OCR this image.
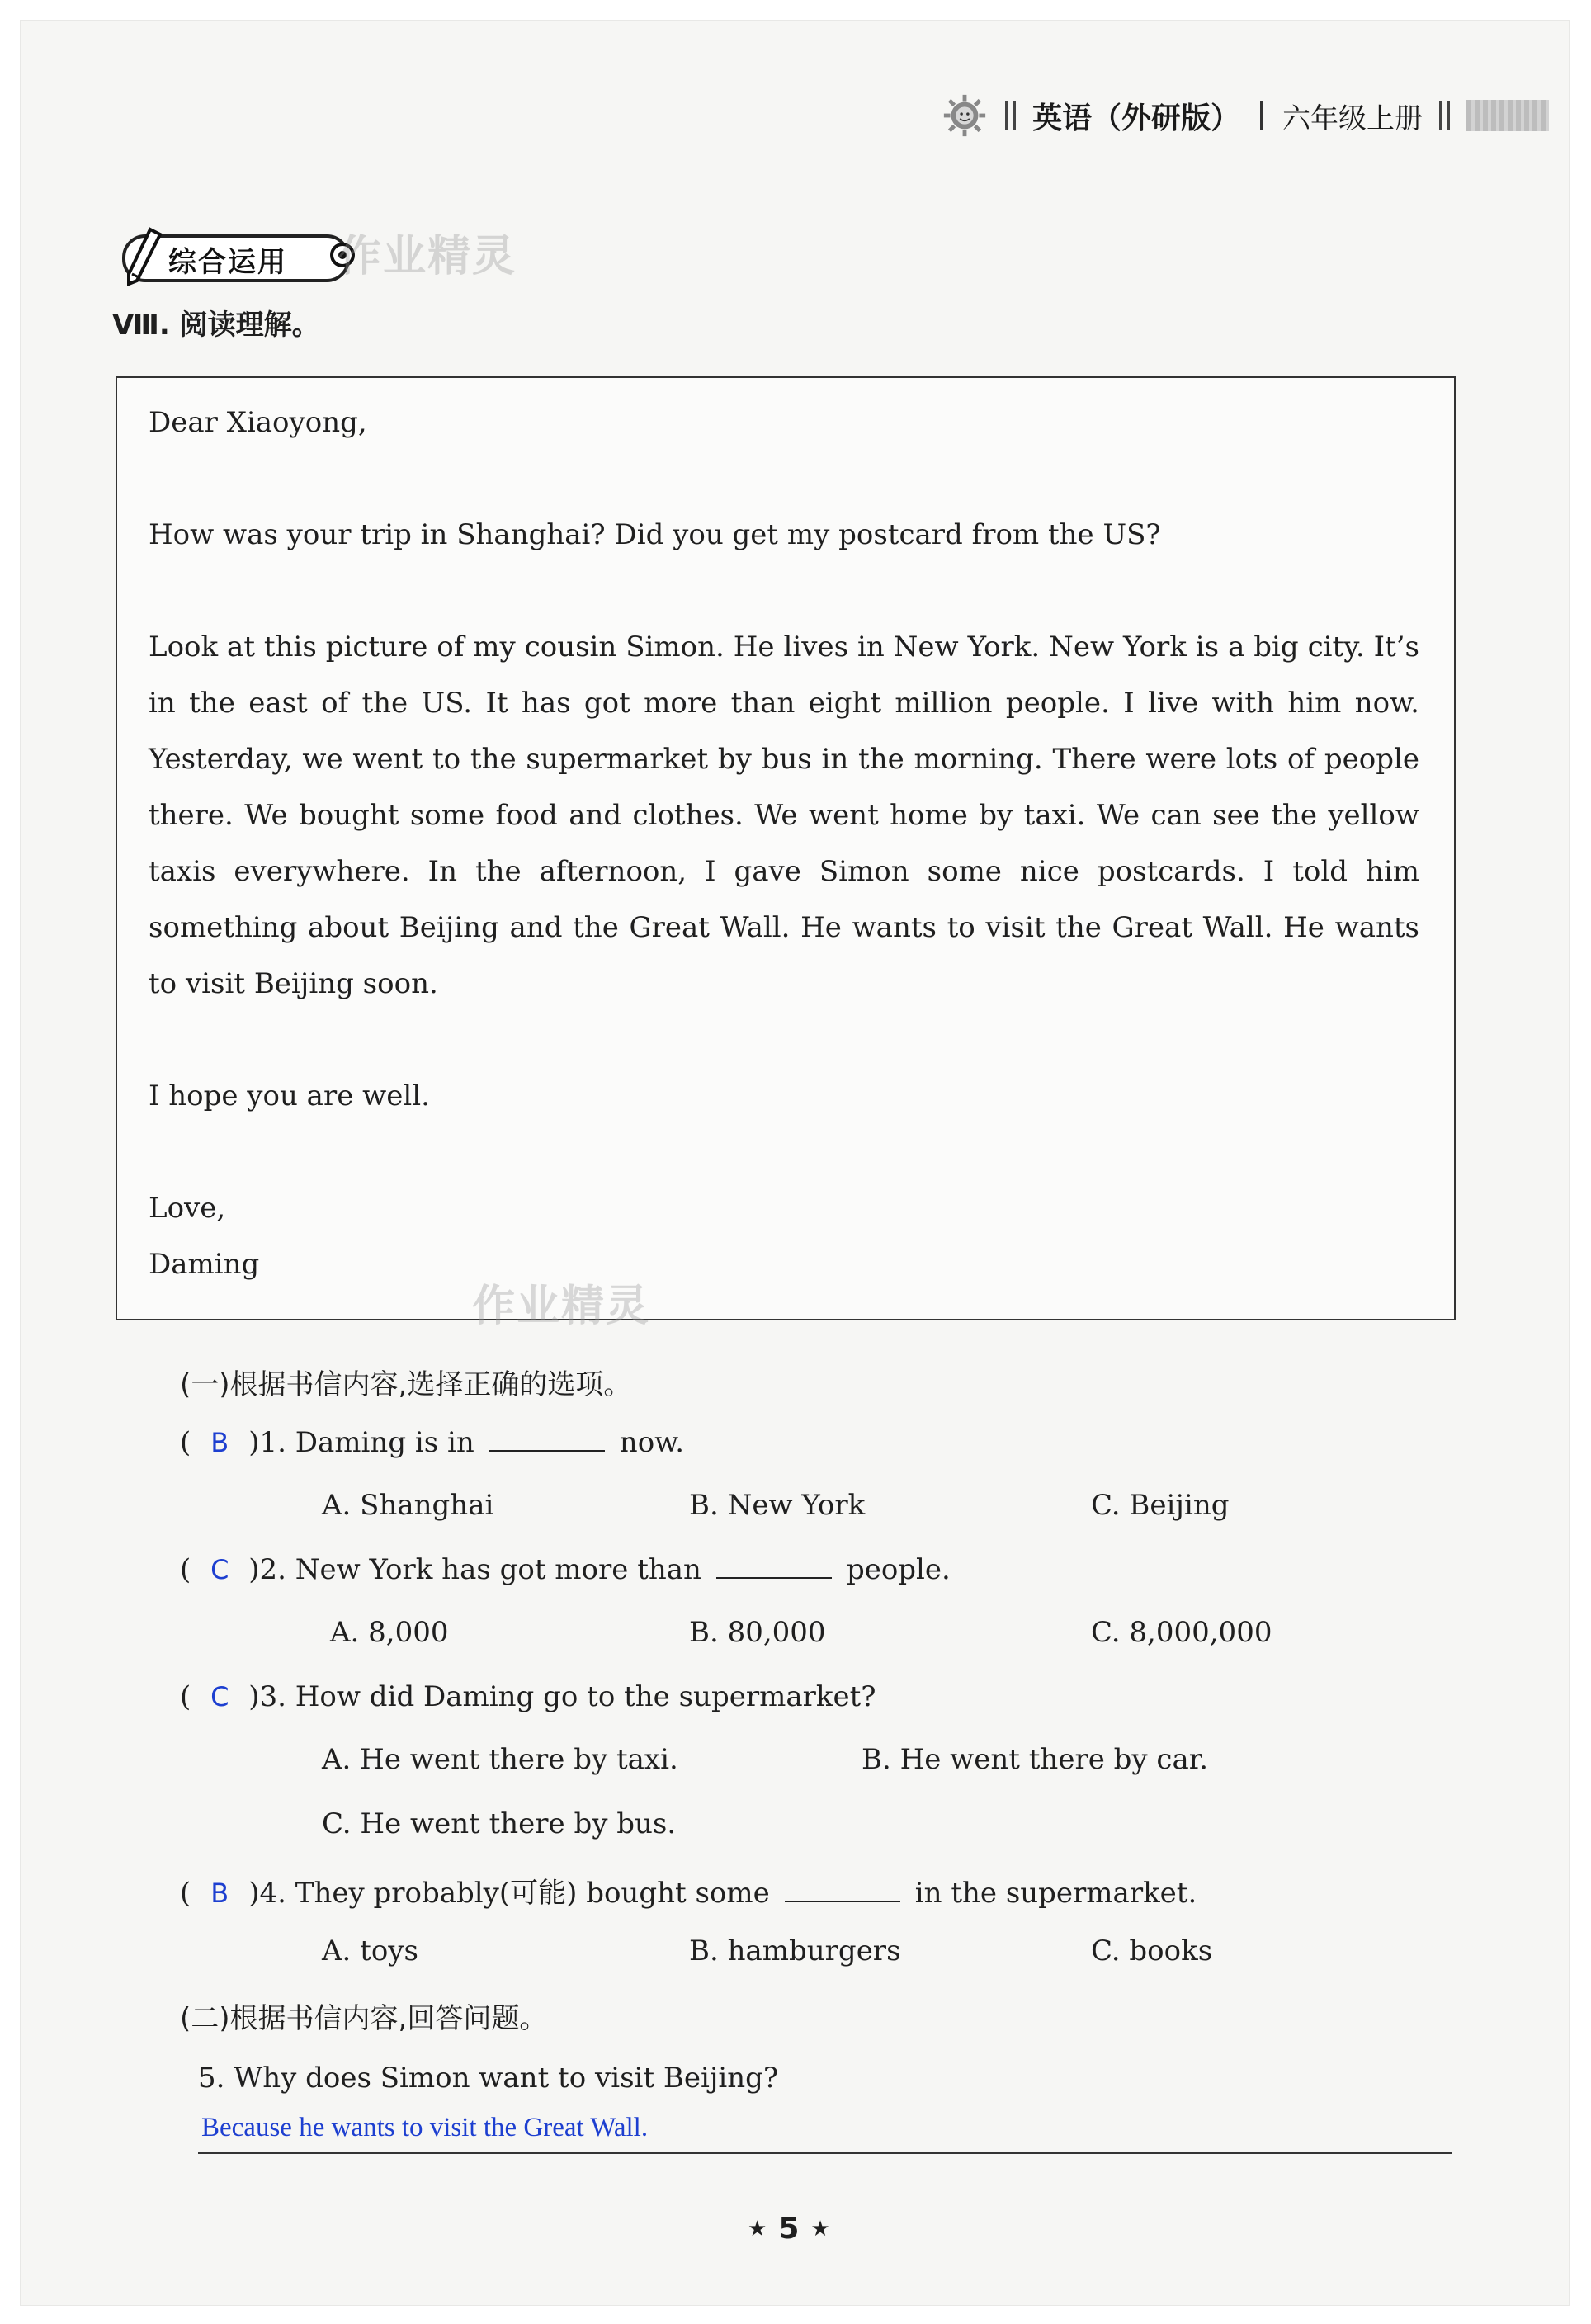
英语（外研版） 六年级上册
综合运用 作业精灵
Ⅷ. 阅读理解。
Dear Xiaoyong,
How was your trip in Shanghai? Did you get my postcard from the US?
Look at this picture of my cousin Simon. He lives in New York. New York is a big city. It’s in the east of the US. It has got more than eight million people. I live with him now. Yesterday, we went to the supermarket by bus in the morning. There were lots of people there. We bought some food and clothes. We went home by taxi. We can see the yellow taxis everywhere. In the afternoon, I gave Simon some nice postcards. I told him something about Beijing and the Great Wall. He wants to visit the Great Wall. He wants to visit Beijing soon.
I hope you are well.
Love,
Daming
作业精灵
(一)根据书信内容,选择正确的选项。
( B )1. Daming is in	now.
A. Shanghai	B. New York	C. Beijing
( C )2. New York has got more than	people.
A. 8,000	B. 80,000	C. 8,000,000
( C )3. How did Daming go to the supermarket?
A. He went there by taxi.	B. He went there by car.
C. He went there by bus.
( B )4. They probably(可能) bought some	in the supermarket.
A. toys	B. hamburgers	C. books
(二)根据书信内容,回答问题。
5. Why does Simon want to visit Beijing?
Because he wants to visit the Great Wall.
★ 5 ★
